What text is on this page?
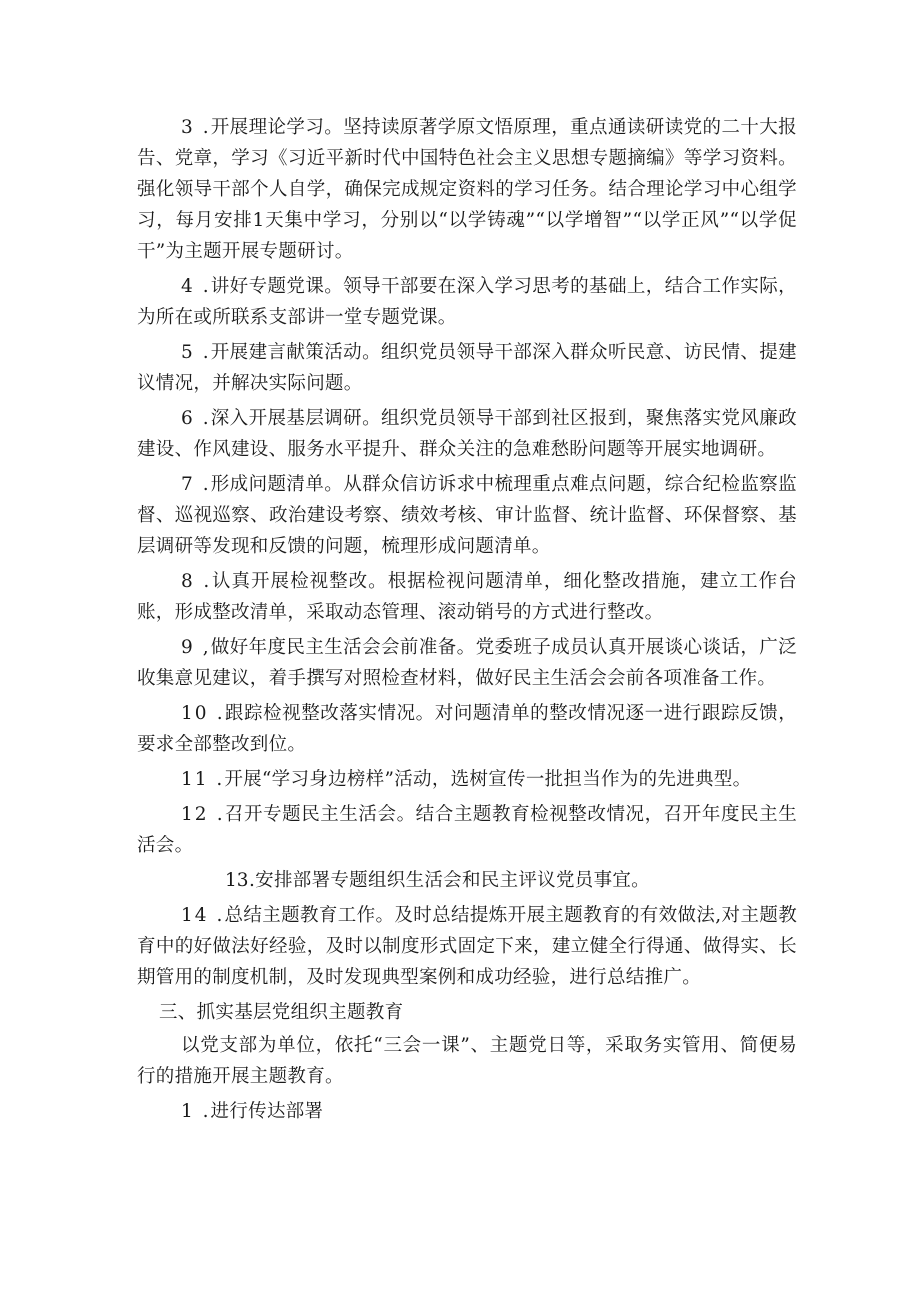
3 .开展理论学习。坚持读原著学原文悟原理，重点通读研读党的二十大报告、党章，学习《习近平新时代中国特色社会主义思想专题摘编》等学习资料。强化领导干部个人自学，确保完成规定资料的学习任务。结合理论学习中心组学习，每月安排1天集中学习，分别以“以学铸魂”“以学增智”“以学正风”“以学促干”为主题开展专题研讨。

4 .讲好专题党课。领导干部要在深入学习思考的基础上，结合工作实际，为所在或所联系支部讲一堂专题党课。

5 .开展建言献策活动。组织党员领导干部深入群众听民意、访民情、提建议情况，并解决实际问题。

6 .深入开展基层调研。组织党员领导干部到社区报到，聚焦落实党风廉政建设、作风建设、服务水平提升、群众关注的急难愁盼问题等开展实地调研。

7 .形成问题清单。从群众信访诉求中梳理重点难点问题，综合纪检监察监督、巡视巡察、政治建设考察、绩效考核、审计监督、统计监督、环保督察、基层调研等发现和反馈的问题，梳理形成问题清单。

8 .认真开展检视整改。根据检视问题清单，细化整改措施，建立工作台账，形成整改清单，采取动态管理、滚动销号的方式进行整改。

9 ,做好年度民主生活会会前准备。党委班子成员认真开展谈心谈话，广泛收集意见建议，着手撰写对照检查材料，做好民主生活会会前各项准备工作。

10 .跟踪检视整改落实情况。对问题清单的整改情况逐一进行跟踪反馈，要求全部整改到位。

11 .开展“学习身边榜样”活动，选树宣传一批担当作为的先进典型。

12 .召开专题民主生活会。结合主题教育检视整改情况，召开年度民主生活会。

13.安排部署专题组织生活会和民主评议党员事宜。

14 .总结主题教育工作。及时总结提炼开展主题教育的有效做法,对主题教育中的好做法好经验，及时以制度形式固定下来，建立健全行得通、做得实、长期管用的制度机制，及时发现典型案例和成功经验，进行总结推广。

三、抓实基层党组织主题教育

以党支部为单位，依托“三会一课”、主题党日等，采取务实管用、简便易行的措施开展主题教育。

1 .进行传达部署
